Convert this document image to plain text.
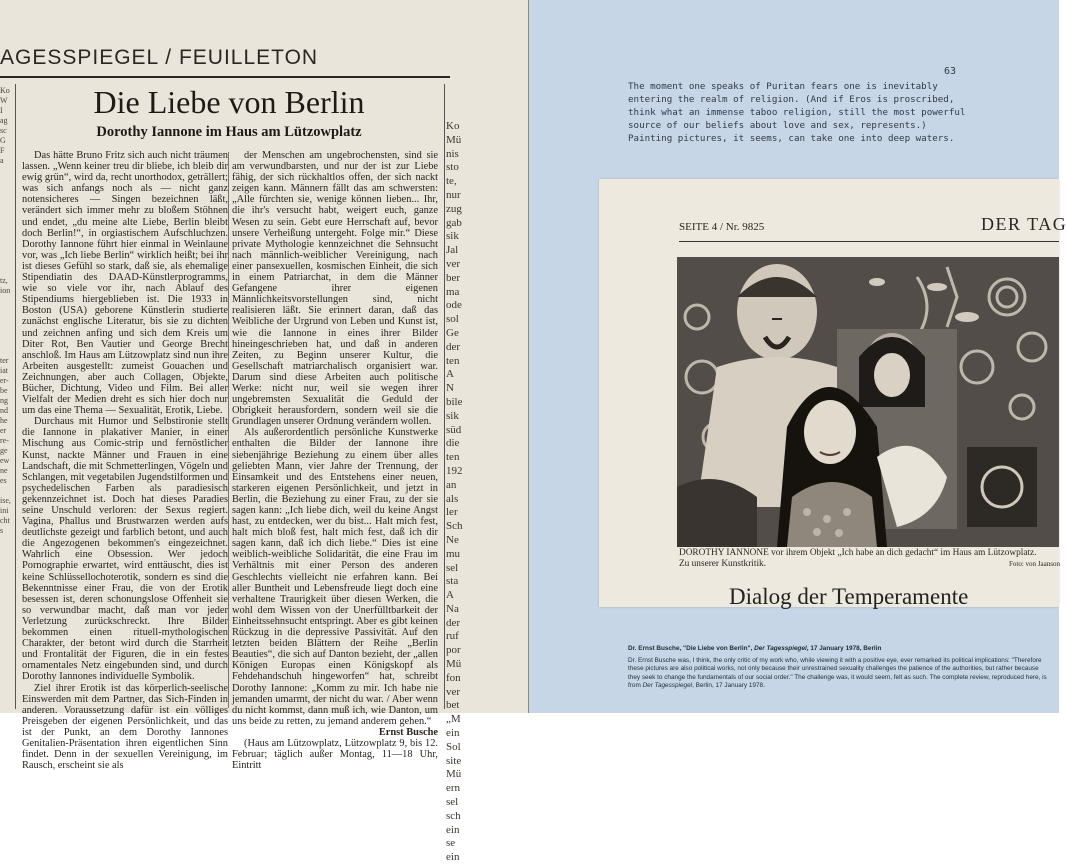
AGESSPIEGEL / FEUILLETON
Ko
W
I
ag
sc
G
F
a

tz,
ion

ter
iat
er-
be
ng
nd
he
er
re-
ge
ew
ne
es

ise,
ini
cht
s
Die Liebe von Berlin
Dorothy Iannone im Haus am Lützowplatz

Das hätte Bruno Fritz sich auch nicht träumen lassen. „Wenn keiner treu dir bliebe, ich bleib dir ewig grün“, wird da, recht unorthodox, geträllert; was sich anfangs noch als — nicht ganz notensicheres — Singen bezeichnen läßt, verändert sich immer mehr zu bloßem Stöhnen und endet, „du meine alte Liebe, Berlin bleibt doch Berlin!“, in orgiastischem Aufschluchzen. Dorothy Iannone führt hier einmal in Weinlaune vor, was „Ich liebe Berlin“ wirklich heißt; bei ihr ist dieses Gefühl so stark, daß sie, als ehemalige Stipendiatin des DAAD-Künstlerprogramms, wie so viele vor ihr, nach Ablauf des Stipendiums hiergeblieben ist. Die 1933 in Boston (USA) geborene Künstlerin studierte zunächst englische Literatur, bis sie zu dichten und zeichnen anfing und sich dem Kreis um Diter Rot, Ben Vautier und George Brecht anschloß. Im Haus am Lützowplatz sind nun ihre Arbeiten ausgestellt: zumeist Gouachen und Zeichnungen, aber auch Collagen, Objekte, Bücher, Dichtung, Video und Film. Bei aller Vielfalt der Medien dreht es sich hier doch nur um das eine Thema — Sexualität, Erotik, Liebe.

Durchaus mit Humor und Selbstironie stellt die Iannone in plakativer Manier, in einer Mischung aus Comic-strip und fernöstlicher Kunst, nackte Männer und Frauen in eine Landschaft, die mit Schmetterlingen, Vögeln und Schlangen, mit vegetabilen Jugendstilformen und psychedelischen Farben als paradiesisch gekennzeichnet ist. Doch hat dieses Paradies seine Unschuld verloren: der Sexus regiert. Vagina, Phallus und Brustwarzen werden aufs deutlichste gezeigt und farblich betont, und auch die Angezogenen bekommen's eingezeichnet. Wahrlich eine Obsession. Wer jedoch Pornographie erwartet, wird enttäuscht, dies ist keine Schlüssellochoterotik, sondern es sind die Bekenntnisse einer Frau, die von der Erotik besessen ist, deren schonungslose Offenheit sie so verwundbar macht, daß man vor jeder Verletzung zurückschreckt. Ihre Bilder bekommen einen rituell-mythologischen Charakter, der betont wird durch die Starrheit und Frontalität der Figuren, die in ein festes ornamentales Netz eingebunden sind, und durch Dorothy Iannones individuelle Symbolik.

Ziel ihrer Erotik ist das körperlich-seelische Einswerden mit dem Partner, das Sich-Finden in anderen. Voraussetzung dafür ist ein völliges Preisgeben der eigenen Persönlichkeit, und das ist der Punkt, an dem Dorothy Iannones Genitalien-Präsentation ihren eigentlichen Sinn findet. Denn in der sexuellen Vereinigung, im Rausch, erscheint sie als

der Menschen am ungebrochensten, sind sie am verwundbarsten, und nur der ist zur Liebe fähig, der sich rückhaltlos offen, der sich nackt zeigen kann. Männern fällt das am schwersten: „Alle fürchten sie, wenige können lieben... Ihr, die ihr's versucht habt, weigert euch, ganze Wesen zu sein. Gebt eure Herrschaft auf, bevor unsere Verheißung untergeht. Folge mir.“ Diese private Mythologie kennzeichnet die Sehnsucht nach männlich-weiblicher Vereinigung, nach einer pansexuellen, kosmischen Einheit, die sich in einem Patriarchat, in dem die Männer Gefangene ihrer eigenen Männlichkeitsvorstellungen sind, nicht realisieren läßt. Sie erinnert daran, daß das Weibliche der Urgrund von Leben und Kunst ist, wie die Iannone in eines ihrer Bilder hineingeschrieben hat, und daß in anderen Zeiten, zu Beginn unserer Kultur, die Gesellschaft matriarchalisch organisiert war. Darum sind diese Arbeiten auch politische Werke: nicht nur, weil sie wegen ihrer ungebremsten Sexualität die Geduld der Obrigkeit herausfordern, sondern weil sie die Grundlagen unserer Ordnung verändern wollen.

Als außerordentlich persönliche Kunstwerke enthalten die Bilder der Iannone ihre siebenjährige Beziehung zu einem über alles geliebten Mann, vier Jahre der Trennung, der Einsamkeit und des Entstehens einer neuen, starkeren eigenen Persönlichkeit, und jetzt in Berlin, die Beziehung zu einer Frau, zu der sie sagen kann: „Ich liebe dich, weil du keine Angst hast, zu entdecken, wer du bist... Halt mich fest, halt mich bloß fest, halt mich fest, daß ich dir sagen kann, daß ich dich liebe.“ Dies ist eine weiblich-weibliche Solidarität, die eine Frau im Verhältnis mit einer Person des anderen Geschlechts vielleicht nie erfahren kann. Bei aller Buntheit und Lebensfreude liegt doch eine verhaltene Traurigkeit über diesen Werken, die wohl dem Wissen von der Unerfülltbarkeit der Einheitssehnsucht entspringt. Aber es gibt keinen Rückzug in die depressive Passivität. Auf den letzten beiden Blättern der Reihe „Berlin Beauties“, die sich auf Danton bezieht, der „allen Königen Europas einen Königskopf als Fehdehandschuh hingeworfen“ hat, schreibt Dorothy Iannone: „Komm zu mir. Ich habe nie jemanden umarmt, der nicht du war. / Aber wenn du nicht kommst, dann muß ich, wie Danton, um uns beide zu retten, zu jemand anderem gehen.“

Ernst Busche

(Haus am Lützowplatz, Lützowplatz 9, bis 12. Februar; täglich außer Montag, 11—18 Uhr, Eintritt

Ko
Mü
nis
sto
te,
nur
zug
gab
sik
Jal
ver
ber
ma
ode
sol
Ge
der
ten
A
N
bile
sik
süd
die
ten
192
an
als
ler
Sch
Ne
mu
sel
sta
A
Na
der
ruf
por
Mü
fon
ver
bet
„M
ein
Sol
site
Mü
ern
sel
sch
ein
se
ein
63
The moment one speaks of Puritan fears one is inevitably entering the realm of religion. (And if Eros is proscribed, think what an immense taboo religion, still the most powerful source of our beliefs about love and sex, represents.) Painting pictures, it seems, can take one into deep waters.
SEITE 4 / Nr. 9825	DER TAG
DOROTHY IANNONE vor ihrem Objekt „Ich habe an dich gedacht“ im Haus am Lützowplatz.
Zu unserer Kunstkritik.	Foto: von Jaanson
Dialog der Temperamente
Dr. Ernst Busche, "Die Liebe von Berlin", Der Tagesspiegel, 17 January 1978, Berlin
Dr. Ernst Busche was, I think, the only critic of my work who, while viewing it with a positive eye, ever remarked its political implications: "Therefore these pictures are also political works, not only because their unrestrained sexuality challenges the patience of the authorities, but rather because they seek to change the fundamentals of our social order." The challenge was, it would seem, felt as such. The complete review, reproduced here, is from Der Tagesspiegel, Berlin, 17 January 1978.
